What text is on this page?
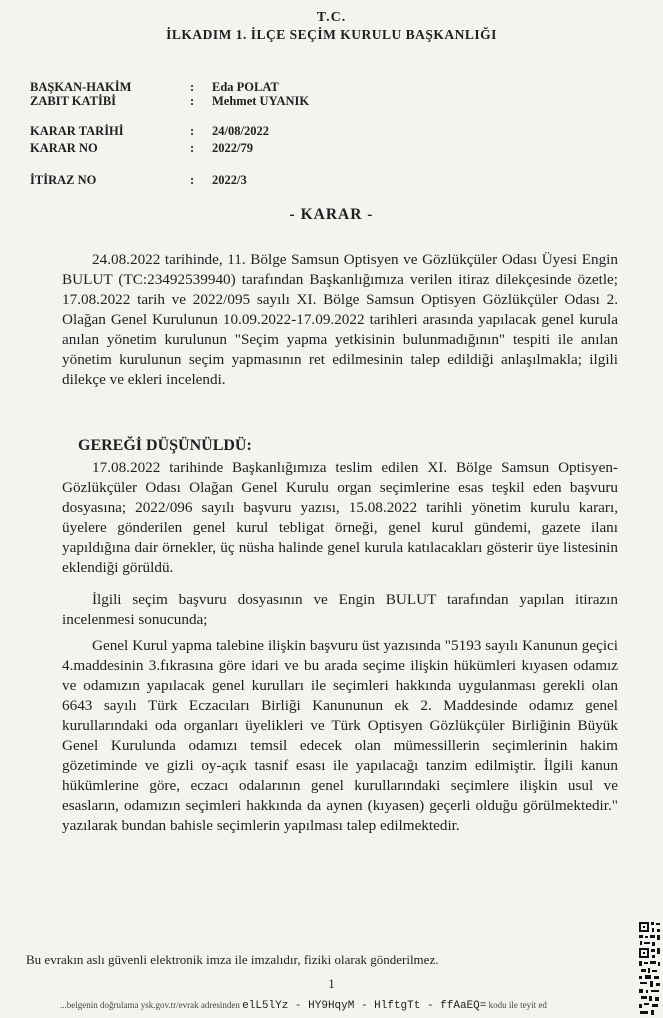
T.C.
İLKADIM 1. İLÇE SEÇİM KURULU BAŞKANLIĞI
BAŞKAN-HAKİM	: Eda POLAT
ZABIT KATİBİ	: Mehmet UYANIK
KARAR TARİHİ	: 24/08/2022
KARAR NO	: 2022/79
İTİRAZ NO	: 2022/3
- KARAR -

24.08.2022 tarihinde, 11. Bölge Samsun Optisyen ve Gözlükçüler Odası Üyesi Engin BULUT (TC:23492539940) tarafından Başkanlığımıza verilen itiraz dilekçesinde özetle; 17.08.2022 tarih ve 2022/095 sayılı XI. Bölge Samsun Optisyen Gözlükçüler Odası 2. Olağan Genel Kurulunun 10.09.2022-17.09.2022 tarihleri arasında yapılacak genel kurula anılan yönetim kurulunun "Seçim yapma yetkisinin bulunmadığının" tespiti ile anılan yönetim kurulunun seçim yapmasının ret edilmesinin talep edildiği anlaşılmakla; ilgili dilekçe ve ekleri incelendi.

GEREĞİ DÜŞÜNÜLDÜ:

17.08.2022 tarihinde Başkanlığımıza teslim edilen XI. Bölge Samsun Optisyen-Gözlükçüler Odası Olağan Genel Kurulu organ seçimlerine esas teşkil eden başvuru dosyasına; 2022/096 sayılı başvuru yazısı, 15.08.2022 tarihli yönetim kurulu kararı, üyelere gönderilen genel kurul tebligat örneği, genel kurul gündemi, gazete ilanı yapıldığına dair örnekler, üç nüsha halinde genel kurula katılacakları gösterir üye listesinin eklendiği görüldü.

İlgili seçim başvuru dosyasının ve Engin BULUT tarafından yapılan itirazın incelenmesi sonucunda;

Genel Kurul yapma talebine ilişkin başvuru üst yazısında "5193 sayılı Kanunun geçici 4.maddesinin 3.fıkrasına göre idari ve bu arada seçime ilişkin hükümleri kıyasen odamız ve odamızın yapılacak genel kurulları ile seçimleri hakkında uygulanması gerekli olan 6643 sayılı Türk Eczacıları Birliği Kanununun ek 2. Maddesinde odamız genel kurullarındaki oda organları üyelikleri ve Türk Optisyen Gözlükçüler Birliğinin Büyük Genel Kurulunda odamızı temsil edecek olan mümessillerin seçimlerinin hakim gözetiminde ve gizli oy-açık tasnif esası ile yapılacağı tanzim edilmiştir. İlgili kanun hükümlerine göre, eczacı odalarının genel kurullarındaki seçimlere ilişkin usul ve esasların, odamızın seçimleri hakkında da aynen (kıyasen) geçerli olduğu görülmektedir." yazılarak bundan bahisle seçimlerin yapılması talep edilmektedir.

Bu evrakın aslı güvenli elektronik imza ile imzalıdır, fiziki olarak gönderilmez.
1
...belgenin doğrulama ysk.gov.tr/evrak adresinden elL5lYz - HY9HqyM - HlftgTt - ffAaEQ= kodu ile teyit ed
